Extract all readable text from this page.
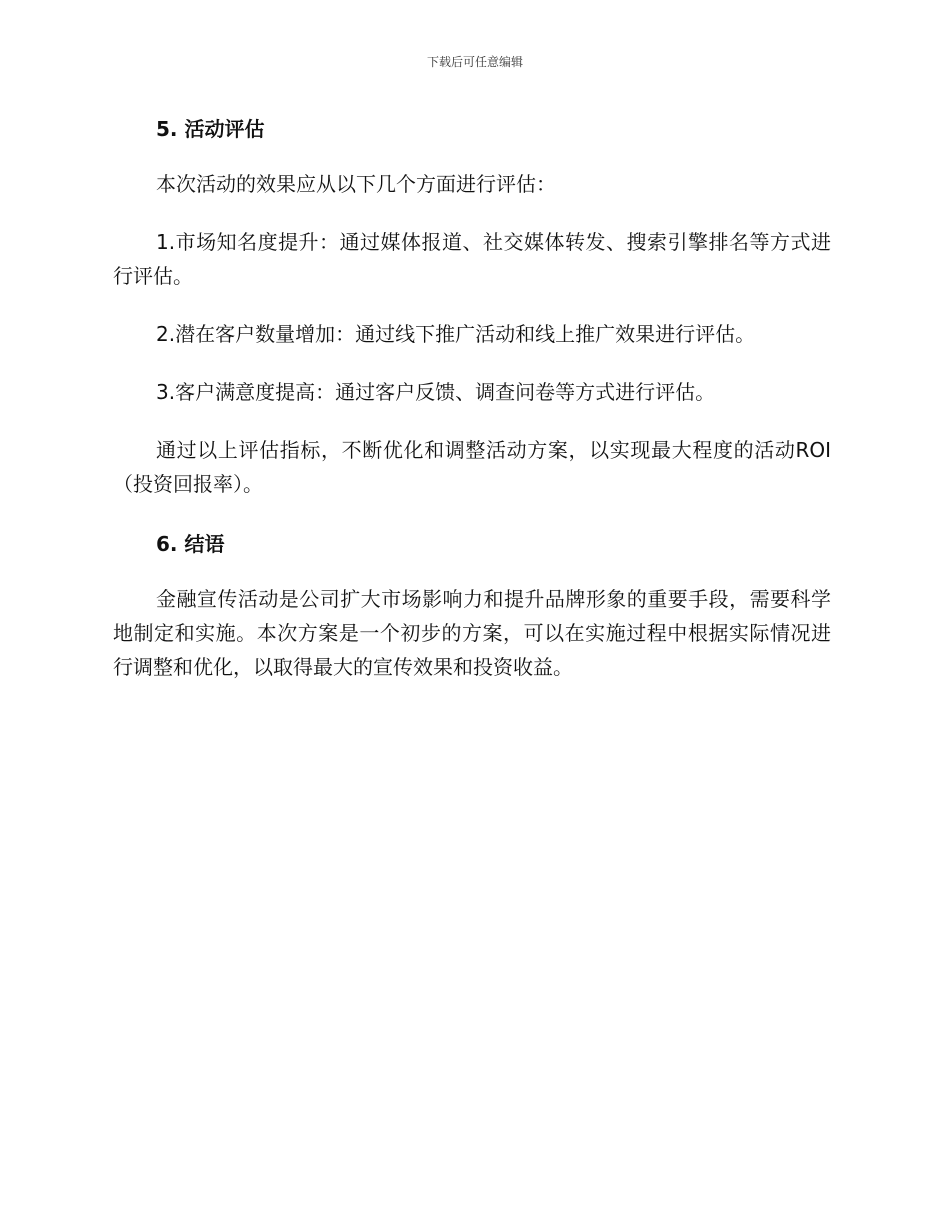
下载后可任意编辑
5. 活动评估

本次活动的效果应从以下几个方面进行评估：

1.市场知名度提升：通过媒体报道、社交媒体转发、搜索引擎排名等方式进行评估。

2.潜在客户数量增加：通过线下推广活动和线上推广效果进行评估。

3.客户满意度提高：通过客户反馈、调查问卷等方式进行评估。

通过以上评估指标，不断优化和调整活动方案，以实现最大程度的活动ROI（投资回报率）。

6. 结语

金融宣传活动是公司扩大市场影响力和提升品牌形象的重要手段，需要科学地制定和实施。本次方案是一个初步的方案，可以在实施过程中根据实际情况进行调整和优化，以取得最大的宣传效果和投资收益。
